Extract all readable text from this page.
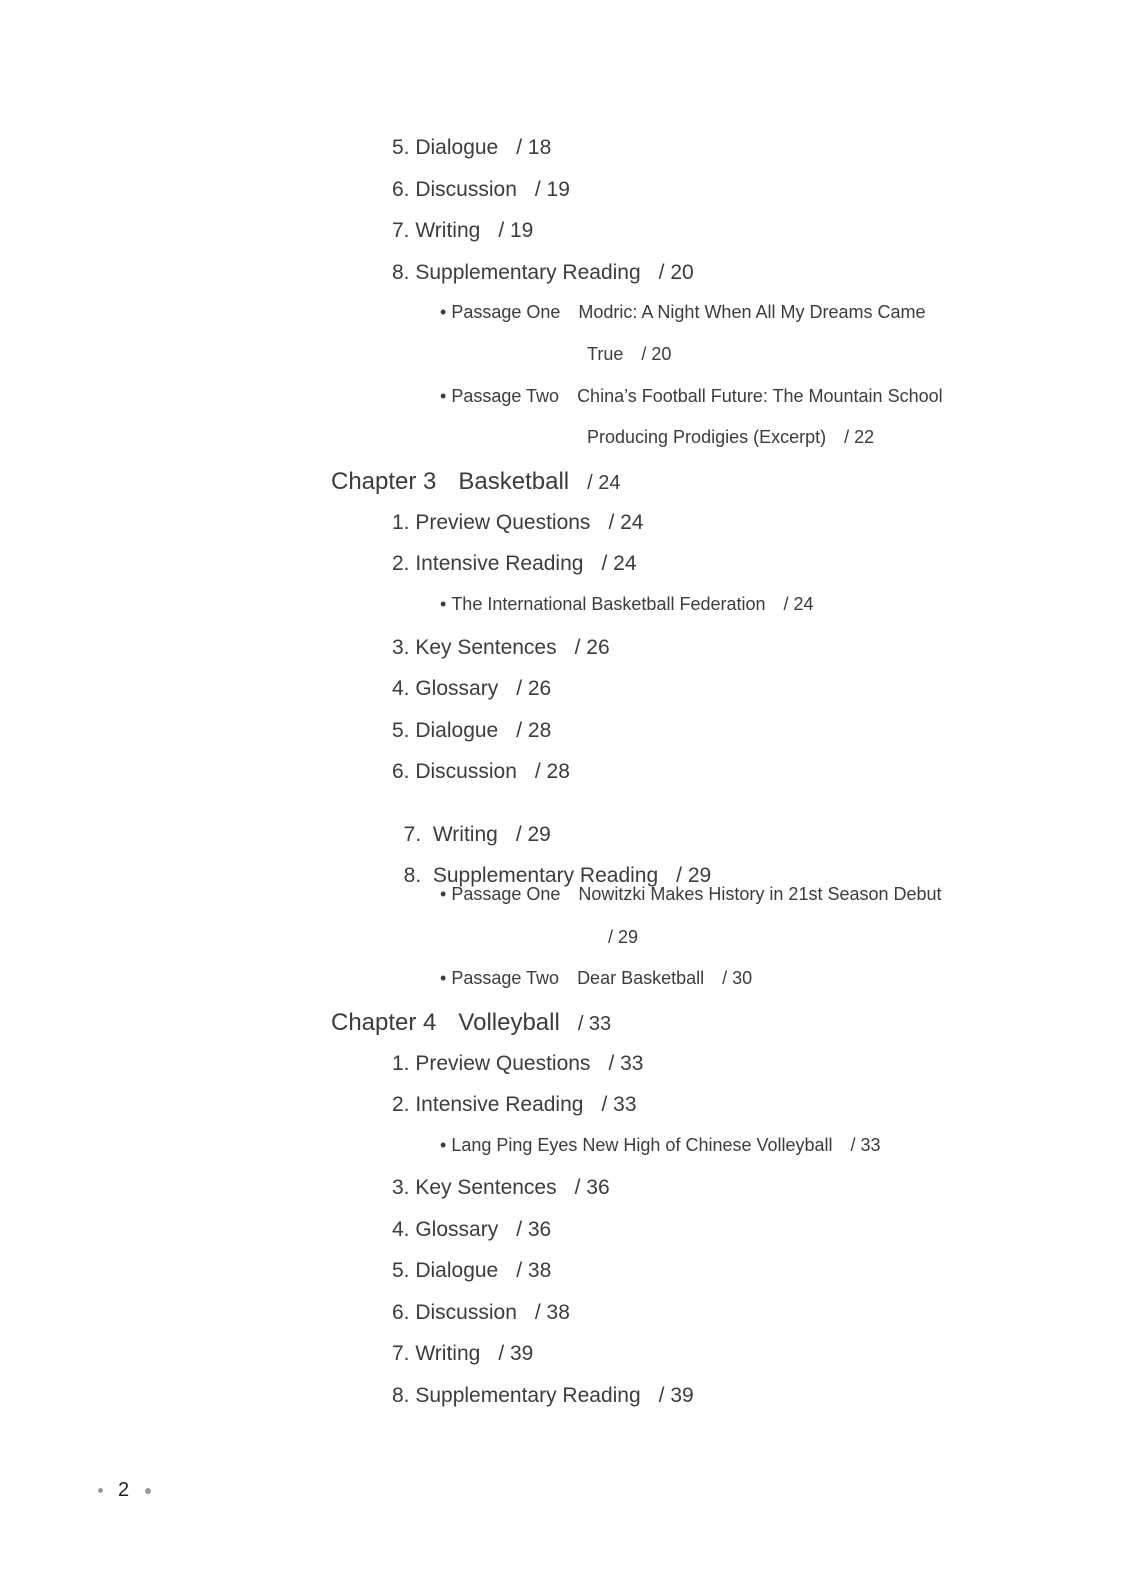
5. Dialogue / 18
6. Discussion / 19
7. Writing / 19
8. Supplementary Reading / 20
• Passage One Modric: A Night When All My Dreams Came
True / 20
• Passage Two China’s Football Future: The Mountain School
Producing Prodigies (Excerpt) / 22
Chapter 3 Basketball / 24
1. Preview Questions / 24
2. Intensive Reading / 24
• The International Basketball Federation / 24
3. Key Sentences / 26
4. Glossary / 26
5. Dialogue / 28
6. Discussion / 28

7.  Writing / 29

8.  Supplementary Reading / 29

• Passage One Nowitzki Makes History in 21st Season Debut
/ 29
• Passage Two Dear Basketball / 30
Chapter 4 Volleyball / 33
1. Preview Questions / 33
2. Intensive Reading / 33
• Lang Ping Eyes New High of Chinese Volleyball / 33
3. Key Sentences / 36
4. Glossary / 36
5. Dialogue / 38
6. Discussion / 38
7. Writing / 39
8. Supplementary Reading / 39
2
